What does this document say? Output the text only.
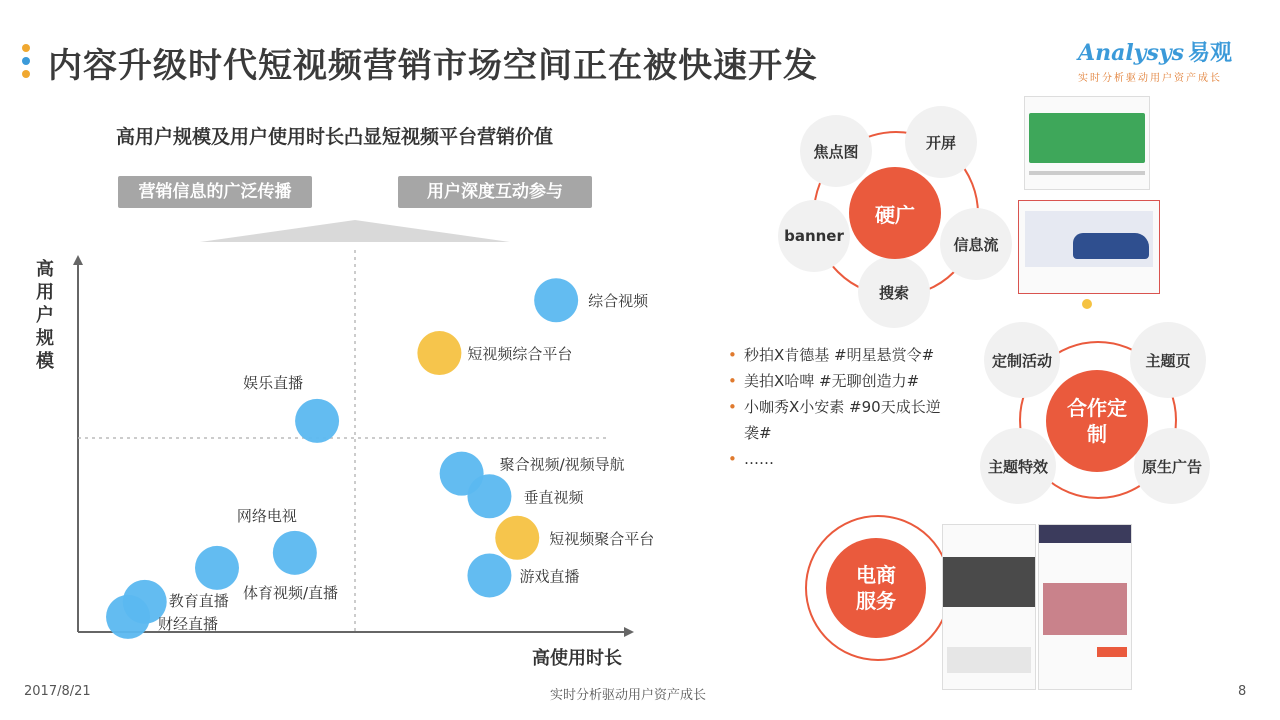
内容升级时代短视频营销市场空间正在被快速开发	Analysys 易观
实时分析驱动用户资产成长
高用户规模及用户使用时长凸显短视频平台营销价值
营销信息的广泛传播	用户深度互动参与
综合视频
短视频综合平台
娱乐直播
聚合视频/视频导航
垂直视频
短视频聚合平台
网络电视
游戏直播
体育视频/直播
教育直播
财经直播
高用户规模
高使用时长
焦点图	开屏
banner	信息流
搜索
硬广
• 秒拍X肯德基 #明星悬赏令#
• 美拍X哈啤 #无聊创造力#
• 小咖秀X小安素 #90天成长逆袭#
• ……
定制活动	主题页
主题特效	原生广告
合作定制
电商服务
2017/8/21	实时分析驱动用户资产成长	8
